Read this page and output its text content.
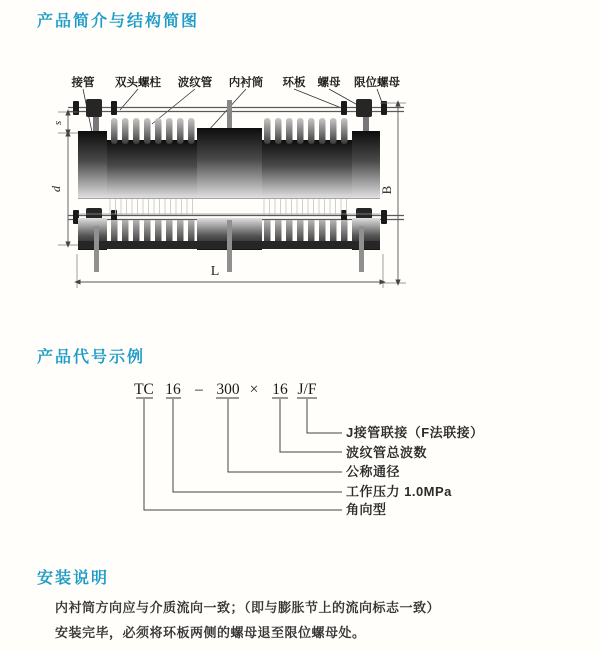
产品简介与结构简图
产品代号示例
安装说明
接管 双头螺柱 波纹管 内衬筒 环板 螺母 限位螺母
s
d	B
L
TC 16 – 300 × 16 J/F
J接管联接（F法联接）
波纹管总波数
公称通径
工作压力 1.0MPa
角向型
内衬筒方向应与介质流向一致；（即与膨胀节上的流向标志一致）
安装完毕，必须将环板两侧的螺母退至限位螺母处。
